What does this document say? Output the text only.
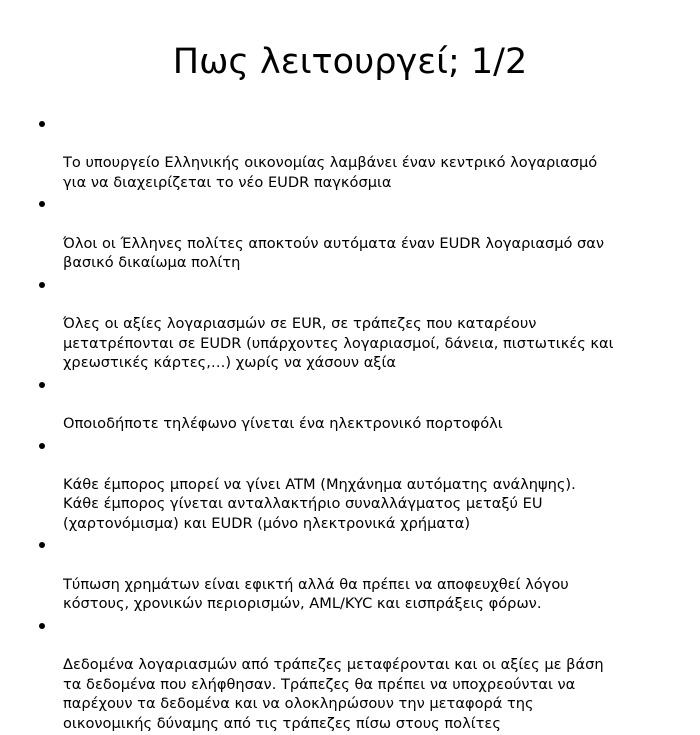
Πως λειτουργεί; 1/2

Το υπουργείο Ελληνικής οικονομίας λαμβάνει έναν κεντρικό λογαριασμό
για να διαχειρίζεται το νέο EUDR παγκόσμια

Όλοι οι Έλληνες πολίτες αποκτούν αυτόματα έναν EUDR λογαριασμό σαν
βασικό δικαίωμα πολίτη

Όλες οι αξίες λογαριασμών σε EUR, σε τράπεζες που καταρέουν
μετατρέπονται σε EUDR (υπάρχοντες λογαριασμοί, δάνεια, πιστωτικές και
χρεωστικές κάρτες,…) χωρίς να χάσουν αξία

Οποιοδήποτε τηλέφωνο γίνεται ένα ηλεκτρονικό πορτοφόλι

Κάθε έμπορος μπορεί να γίνει ATM (Μηχάνημα αυτόματης ανάληψης).
Κάθε έμπορος γίνεται ανταλλακτήριο συναλλάγματος μεταξύ EU
(χαρτονόμισμα) και EUDR (μόνο ηλεκτρονικά χρήματα)

Τύπωση χρημάτων είναι εφικτή αλλά θα πρέπει να αποφευχθεί λόγου
κόστους, χρονικών περιορισμών, AML/KYC και εισπράξεις φόρων.

Δεδομένα λογαριασμών από τράπεζες μεταφέρονται και οι αξίες με βάση
τα δεδομένα που ελήφθησαν. Τράπεζες θα πρέπει να υποχρεούνται να
παρέχουν τα δεδομένα και να ολοκληρώσουν την μεταφορά της
οικονομικής δύναμης από τις τράπεζες πίσω στους πολίτες
